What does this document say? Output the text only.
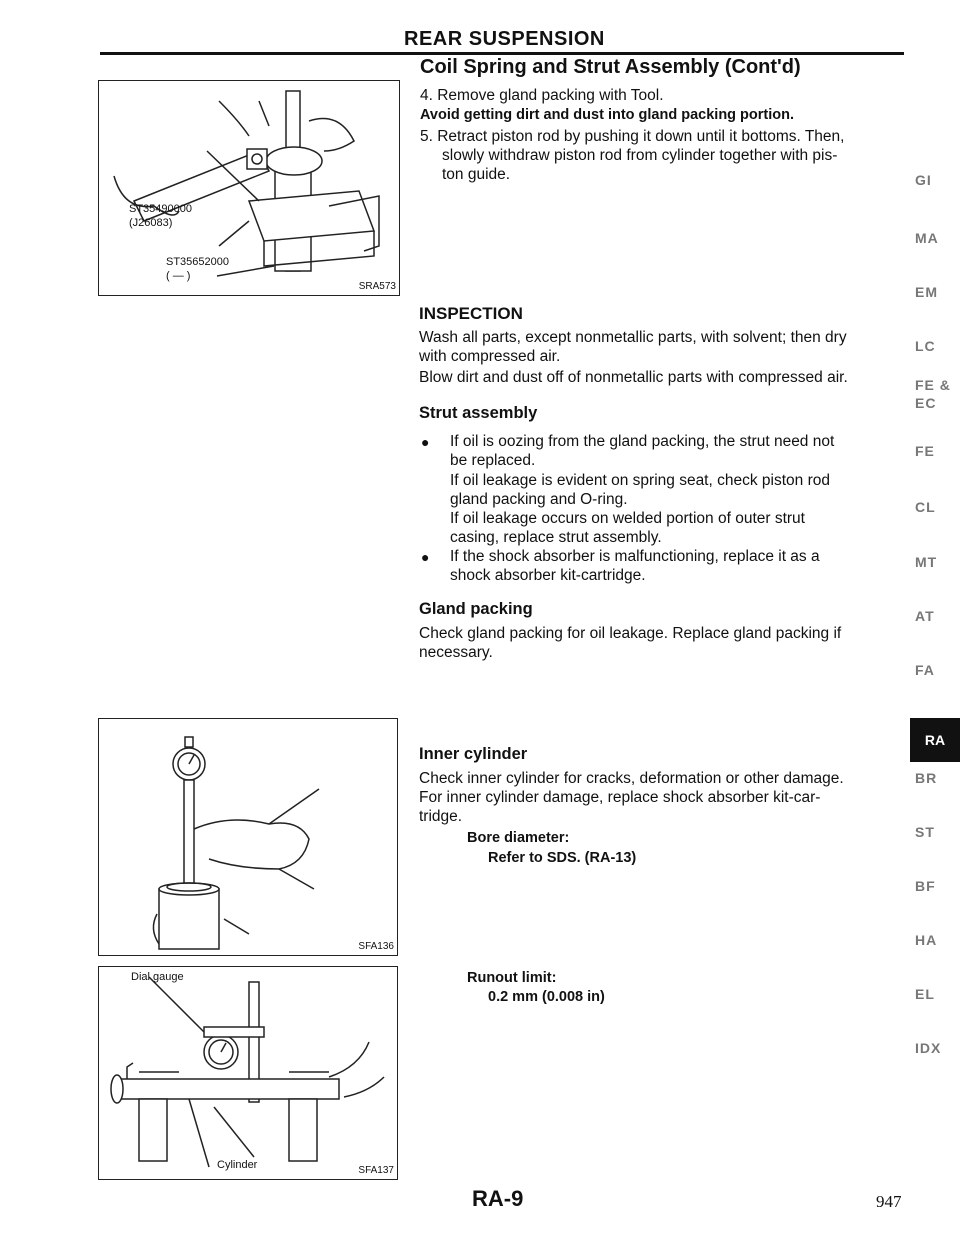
REAR SUSPENSION
Coil Spring and Strut Assembly (Cont'd)
4. Remove gland packing with Tool.
Avoid getting dirt and dust into gland packing portion.
5. Retract piston rod by pushing it down until it bottoms. Then,
slowly withdraw piston rod from cylinder together with pis-
ton guide.
INSPECTION
Wash all parts, except nonmetallic parts, with solvent; then dry
with compressed air.
Blow dirt and dust off of nonmetallic parts with compressed air.
Strut assembly
● If oil is oozing from the gland packing, the strut need not
be replaced.
If oil leakage is evident on spring seat, check piston rod
gland packing and O-ring.
If oil leakage occurs on welded portion of outer strut
casing, replace strut assembly.
● If the shock absorber is malfunctioning, replace it as a
shock absorber kit-cartridge.
Gland packing
Check gland packing for oil leakage. Replace gland packing if
necessary.
Inner cylinder
Check inner cylinder for cracks, deformation or other damage.
For inner cylinder damage, replace shock absorber kit-car-
tridge.
Bore diameter:
Refer to SDS. (RA-13)
Runout limit:
0.2 mm (0.008 in)
ST35490000
(J26083)
ST35652000
( — )
SRA573
SFA136
Dial gauge
Cylinder	SFA137
GI
MA
EM
LC
FE & EC
FE
CL
MT
AT
FA
RA
BR
ST
BF
HA
EL
IDX
RA-9	947
